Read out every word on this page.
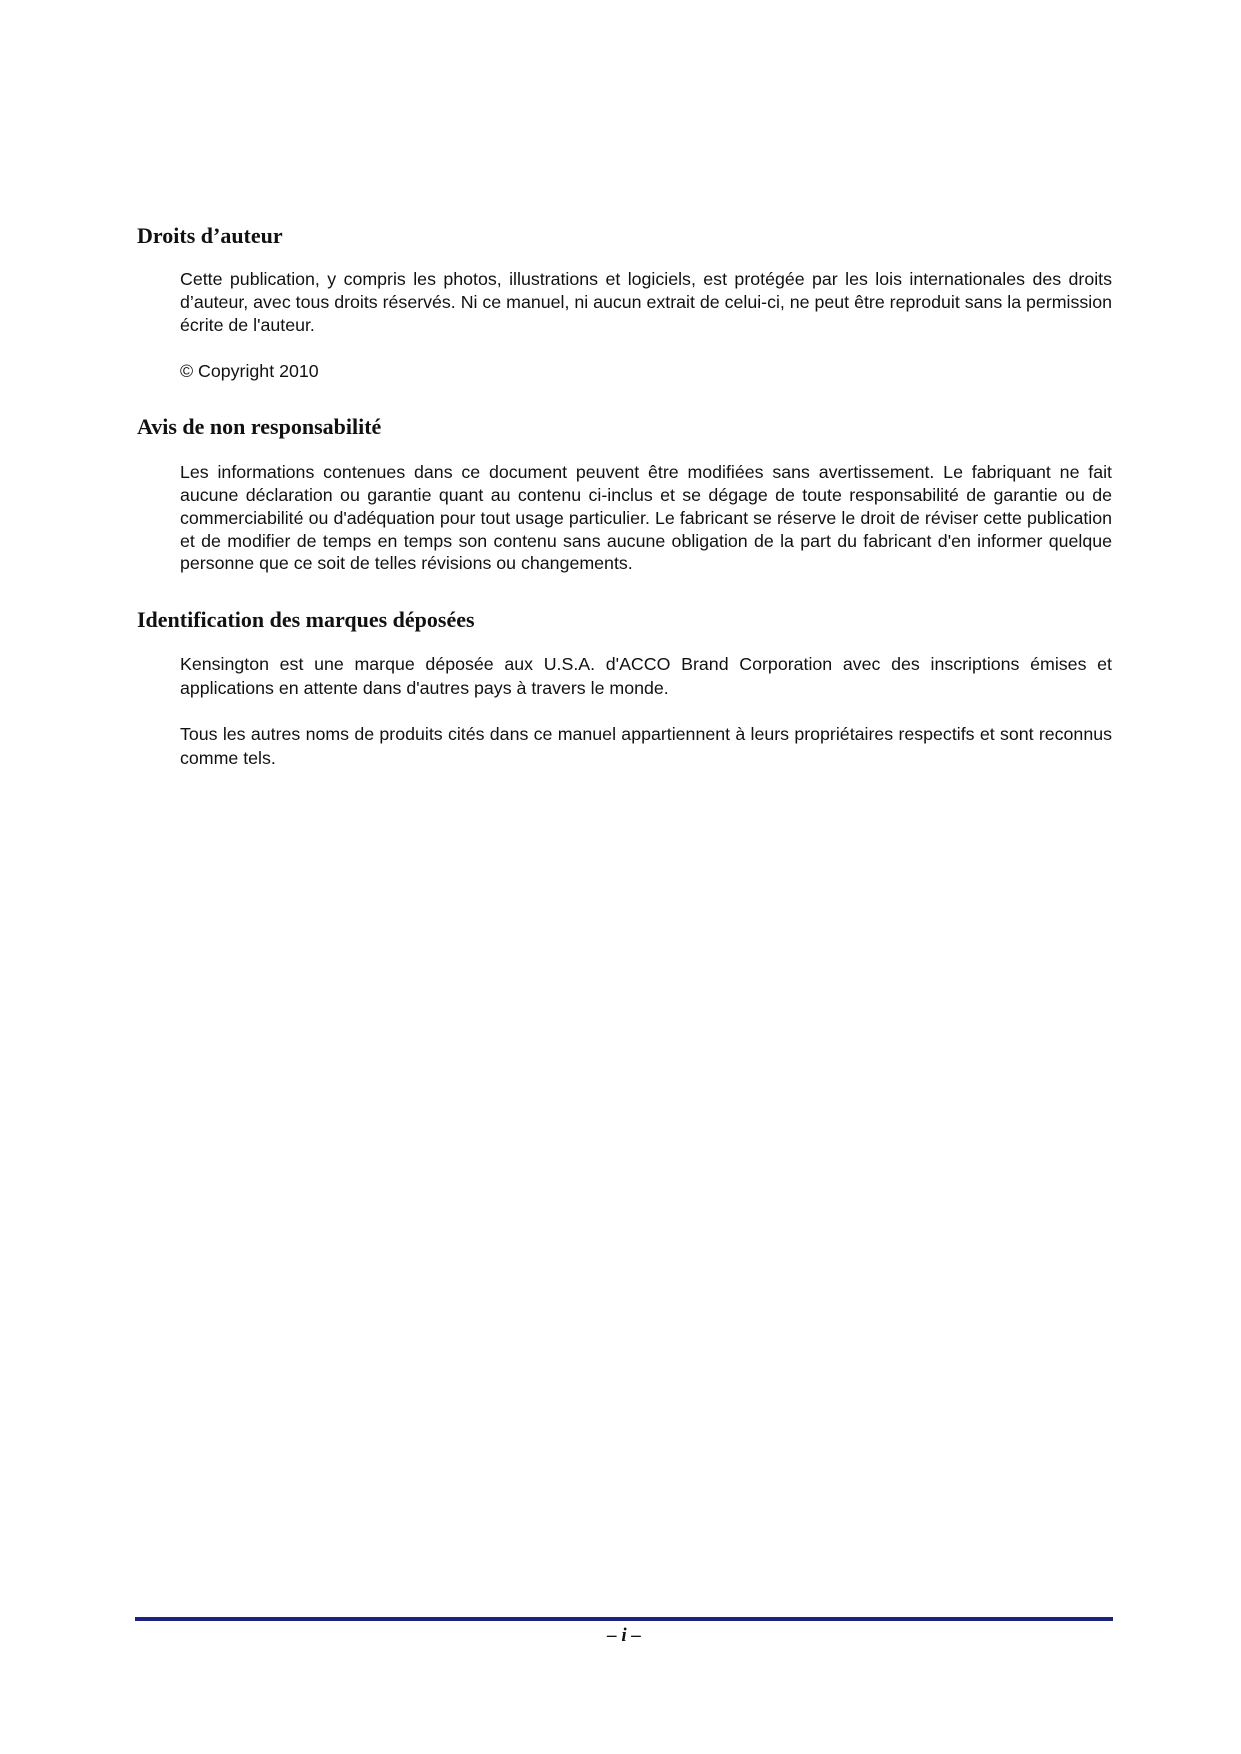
Droits d’auteur

Cette publication, y compris les photos, illustrations et logiciels, est protégée par les lois internationales des droits d’auteur, avec tous droits réservés. Ni ce manuel, ni aucun extrait de celui-ci, ne peut être reproduit sans la permission écrite de l'auteur.

© Copyright 2010

Avis de non responsabilité

Les informations contenues dans ce document peuvent être modifiées sans avertissement. Le fabriquant ne fait aucune déclaration ou garantie quant au contenu ci-inclus et se dégage de toute responsabilité de garantie ou de commerciabilité ou d'adéquation pour tout usage particulier. Le fabricant se réserve le droit de réviser cette publication et de modifier de temps en temps son contenu sans aucune obligation de la part du fabricant d'en informer quelque personne que ce soit de telles révisions ou changements.

Identification des marques déposées

Kensington est une marque déposée aux U.S.A. d'ACCO Brand Corporation avec des inscriptions émises et applications en attente dans d'autres pays à travers le monde.

Tous les autres noms de produits cités dans ce manuel appartiennent à leurs propriétaires respectifs et sont reconnus comme tels.

– i –
